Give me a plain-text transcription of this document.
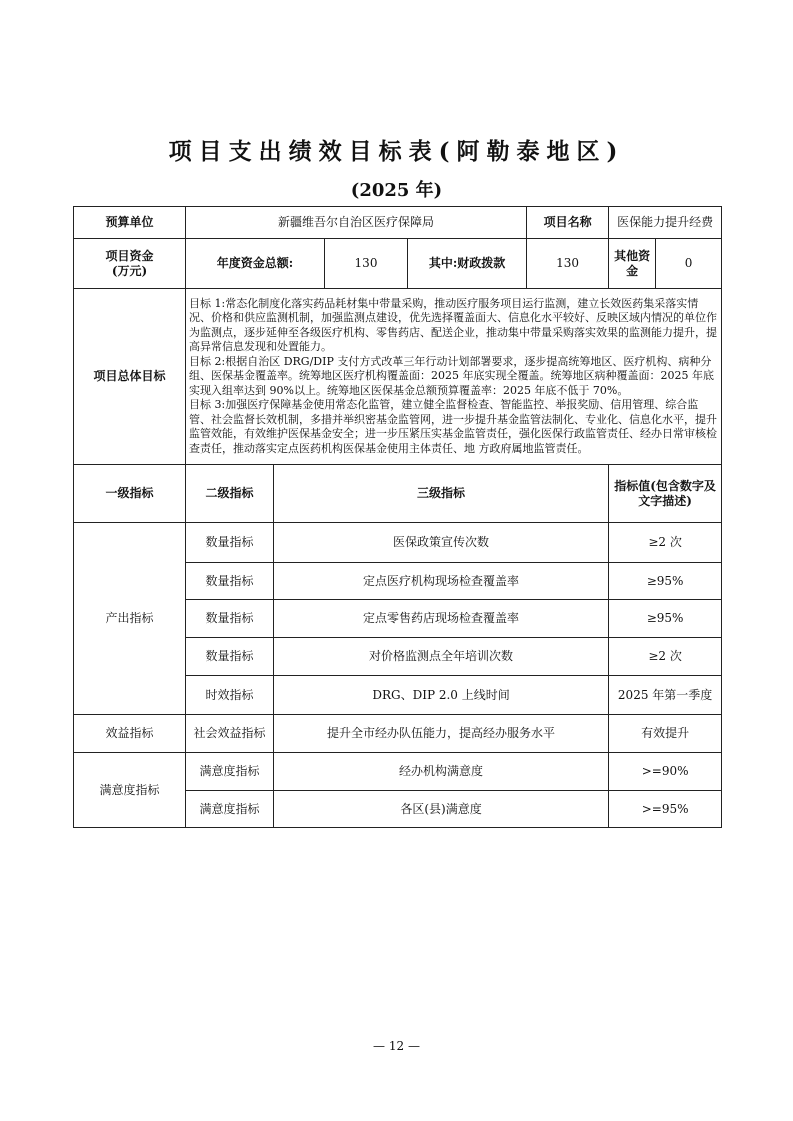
项目支出绩效目标表(阿勒泰地区)
(2025 年)
预算单位	新疆维吾尔自治区医疗保障局				项目名称	医保能力提升经费	
项目资金
(万元)	年度资金总额:		130	其中:财政拨款	130	其他资金	0
项目总体目标	目标 1:常态化制度化落实药品耗材集中带量采购，推动医疗服务项目运行监测，建立长效医药集采落实情况、价格和供应监测机制，加强监测点建设，优先选择覆盖面大、信息化水平较好、反映区域内情况的单位作为监测点，逐步延伸至各级医疗机构、零售药店、配送企业，推动集中带量采购落实效果的监测能力提升，提高异常信息发现和处置能力。

目标 2:根据自治区 DRG/DIP 支付方式改革三年行动计划部署要求，逐步提高统筹地区、医疗机构、病种分组、医保基金覆盖率。统筹地区医疗机构覆盖面：2025 年底实现全覆盖。统筹地区病种覆盖面：2025 年底实现入组率达到 90%以上。统筹地区医保基金总额预算覆盖率：2025 年底不低于 70%。

目标 3:加强医疗保障基金使用常态化监管，建立健全监督检查、智能监控、举报奖励、信用管理、综合监管、社会监督长效机制，多措并举织密基金监管网，进一步提升基金监管法制化、专业化、信息化水平，提升监管效能，有效维护医保基金安全；进一步压紧压实基金监管责任，强化医保行政监管责任、经办日常审核检查责任，推动落实定点医药机构医保基金使用主体责任、地 方政府属地监管责任。						

一级指标	二级指标	三级指标				指标值(包含数字及文字描述)	
产出指标	数量指标	医保政策宣传次数				≥2 次	
	数量指标	定点医疗机构现场检查覆盖率				≥95%	
	数量指标	定点零售药店现场检查覆盖率				≥95%	
	数量指标	对价格监测点全年培训次数				≥2 次	
	时效指标	DRG、DIP 2.0 上线时间				2025 年第一季度	
效益指标	社会效益指标	提升全市经办队伍能力，提高经办服务水平				有效提升	
满意度指标	满意度指标	经办机构满意度				>=90%	
	满意度指标	各区(县)满意度				>=95%	
— 12 —
